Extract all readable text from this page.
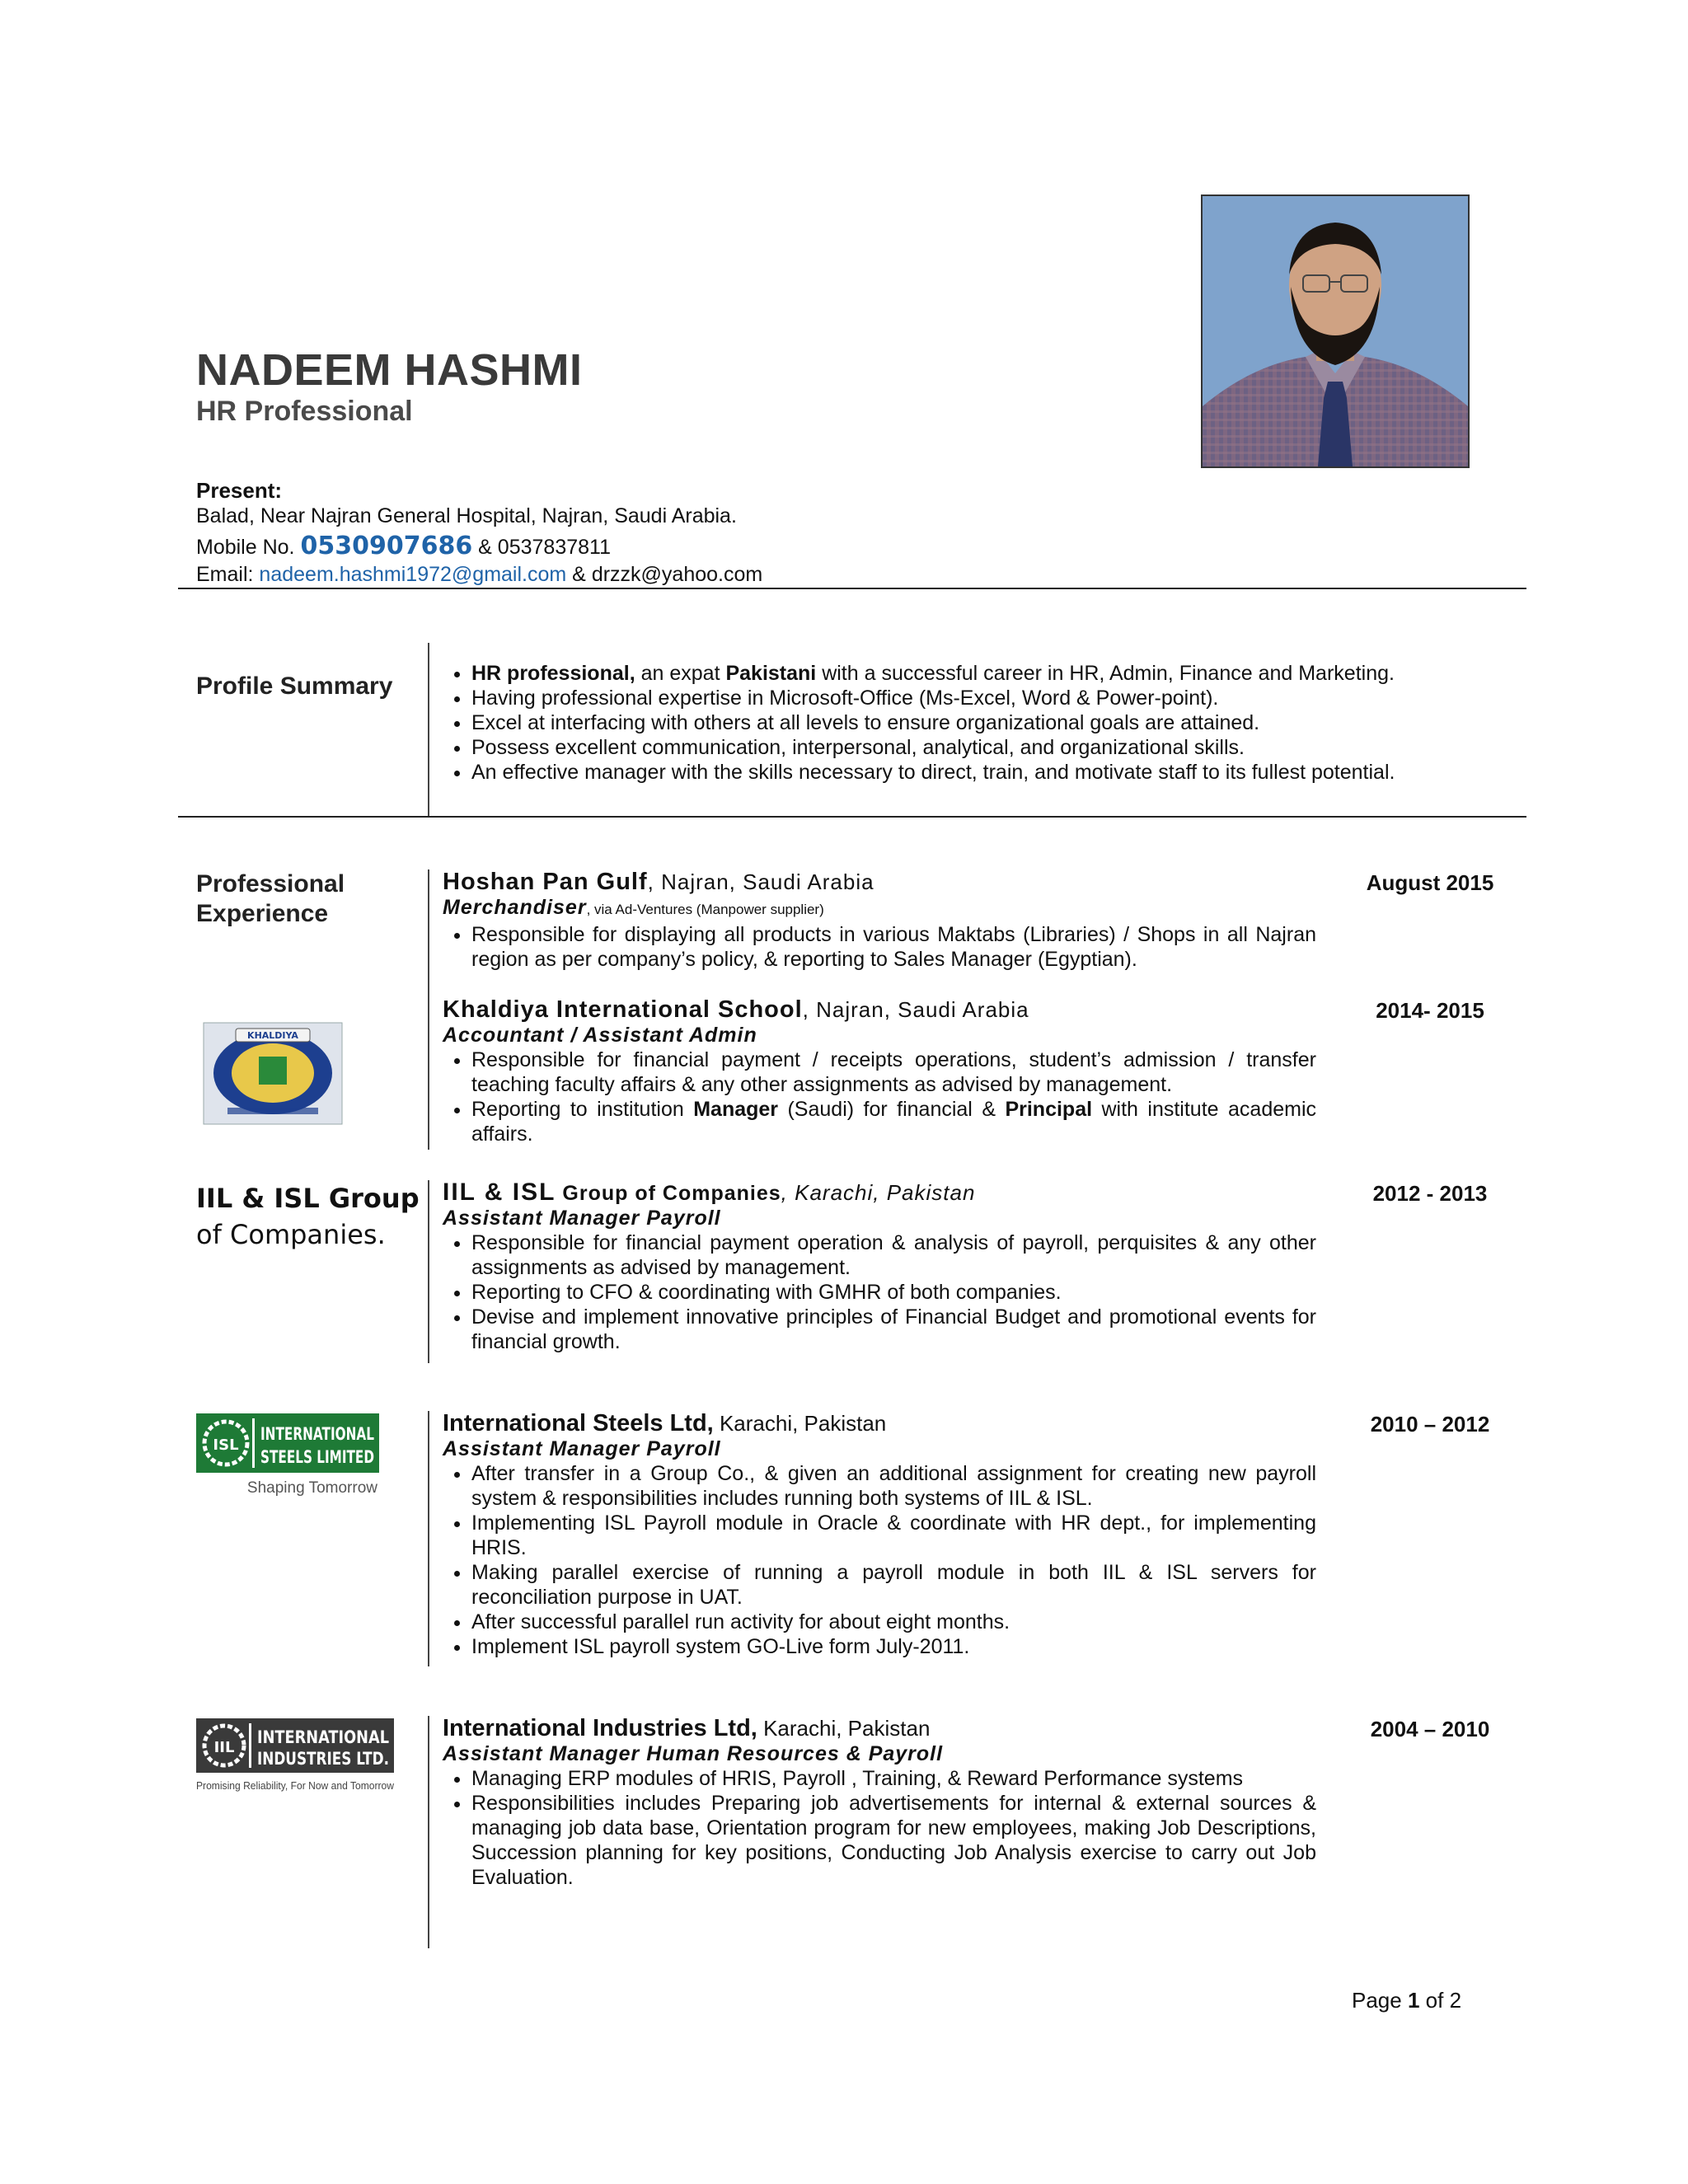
NADEEM HASHMI
HR Professional
Present:
Balad, Near Najran General Hospital, Najran, Saudi Arabia.
Mobile No. 0530907686 & 0537837811
Email: nadeem.hashmi1972@gmail.com & drzzk@yahoo.com
Profile Summary
•	HR professional, an expat Pakistani with a successful career in HR, Admin, Finance and Marketing.
• Having professional expertise in Microsoft-Office (Ms-Excel, Word & Power-point).
• Excel at interfacing with others at all levels to ensure organizational goals are attained.
• Possess excellent communication, interpersonal, analytical, and organizational skills.
• An effective manager with the skills necessary to direct, train, and motivate staff to its fullest potential.
Professional
Experience
Hoshan Pan Gulf, Najran, Saudi Arabia
Merchandiser, via Ad-Ventures (Manpower supplier)
• Responsible for displaying all products in various Maktabs (Libraries) / Shops in all Najran region as per company’s policy, & reporting to Sales Manager (Egyptian).
August 2015
Khaldiya International School, Najran, Saudi Arabia
Accountant / Assistant Admin
• Responsible for financial payment / receipts operations, student’s admission / transfer teaching faculty affairs & any other assignments as advised by management.
• Reporting to institution Manager (Saudi) for financial & Principal with institute academic affairs.
2014- 2015
KHALDIYA
IIL & ISL Group
of Companies.
IIL & ISL Group of Companies, Karachi, Pakistan
Assistant Manager Payroll
• Responsible for financial payment operation & analysis of payroll, perquisites & any other assignments as advised by management.
• Reporting to CFO & coordinating with GMHR of both companies.
• Devise and implement innovative principles of Financial Budget and promotional events for financial growth.
2012 - 2013
ISL
INTERNATIONAL
STEELS LIMITED
Shaping Tomorrow
International Steels Ltd, Karachi, Pakistan
Assistant Manager Payroll
• After transfer in a Group Co., & given an additional assignment for creating new payroll system & responsibilities includes running both systems of IIL & ISL.
• Implementing ISL Payroll module in Oracle & coordinate with HR dept., for implementing HRIS.
• Making parallel exercise of running a payroll module in both IIL & ISL servers for reconciliation purpose in UAT.
• After successful parallel run activity for about eight months.
• Implement ISL payroll system GO-Live form July-2011.
2010 – 2012
IIL
INTERNATIONAL
INDUSTRIES LTD.
Promising Reliability, For Now and Tomorrow
International Industries Ltd, Karachi, Pakistan
Assistant Manager Human Resources & Payroll
• Managing ERP modules of HRIS, Payroll , Training, & Reward Performance systems
• Responsibilities includes Preparing job advertisements for internal & external sources & managing job data base, Orientation program for new employees, making Job Descriptions, Succession planning for key positions, Conducting Job Analysis exercise to carry out Job Evaluation.
2004 – 2010
Page 1 of 2
